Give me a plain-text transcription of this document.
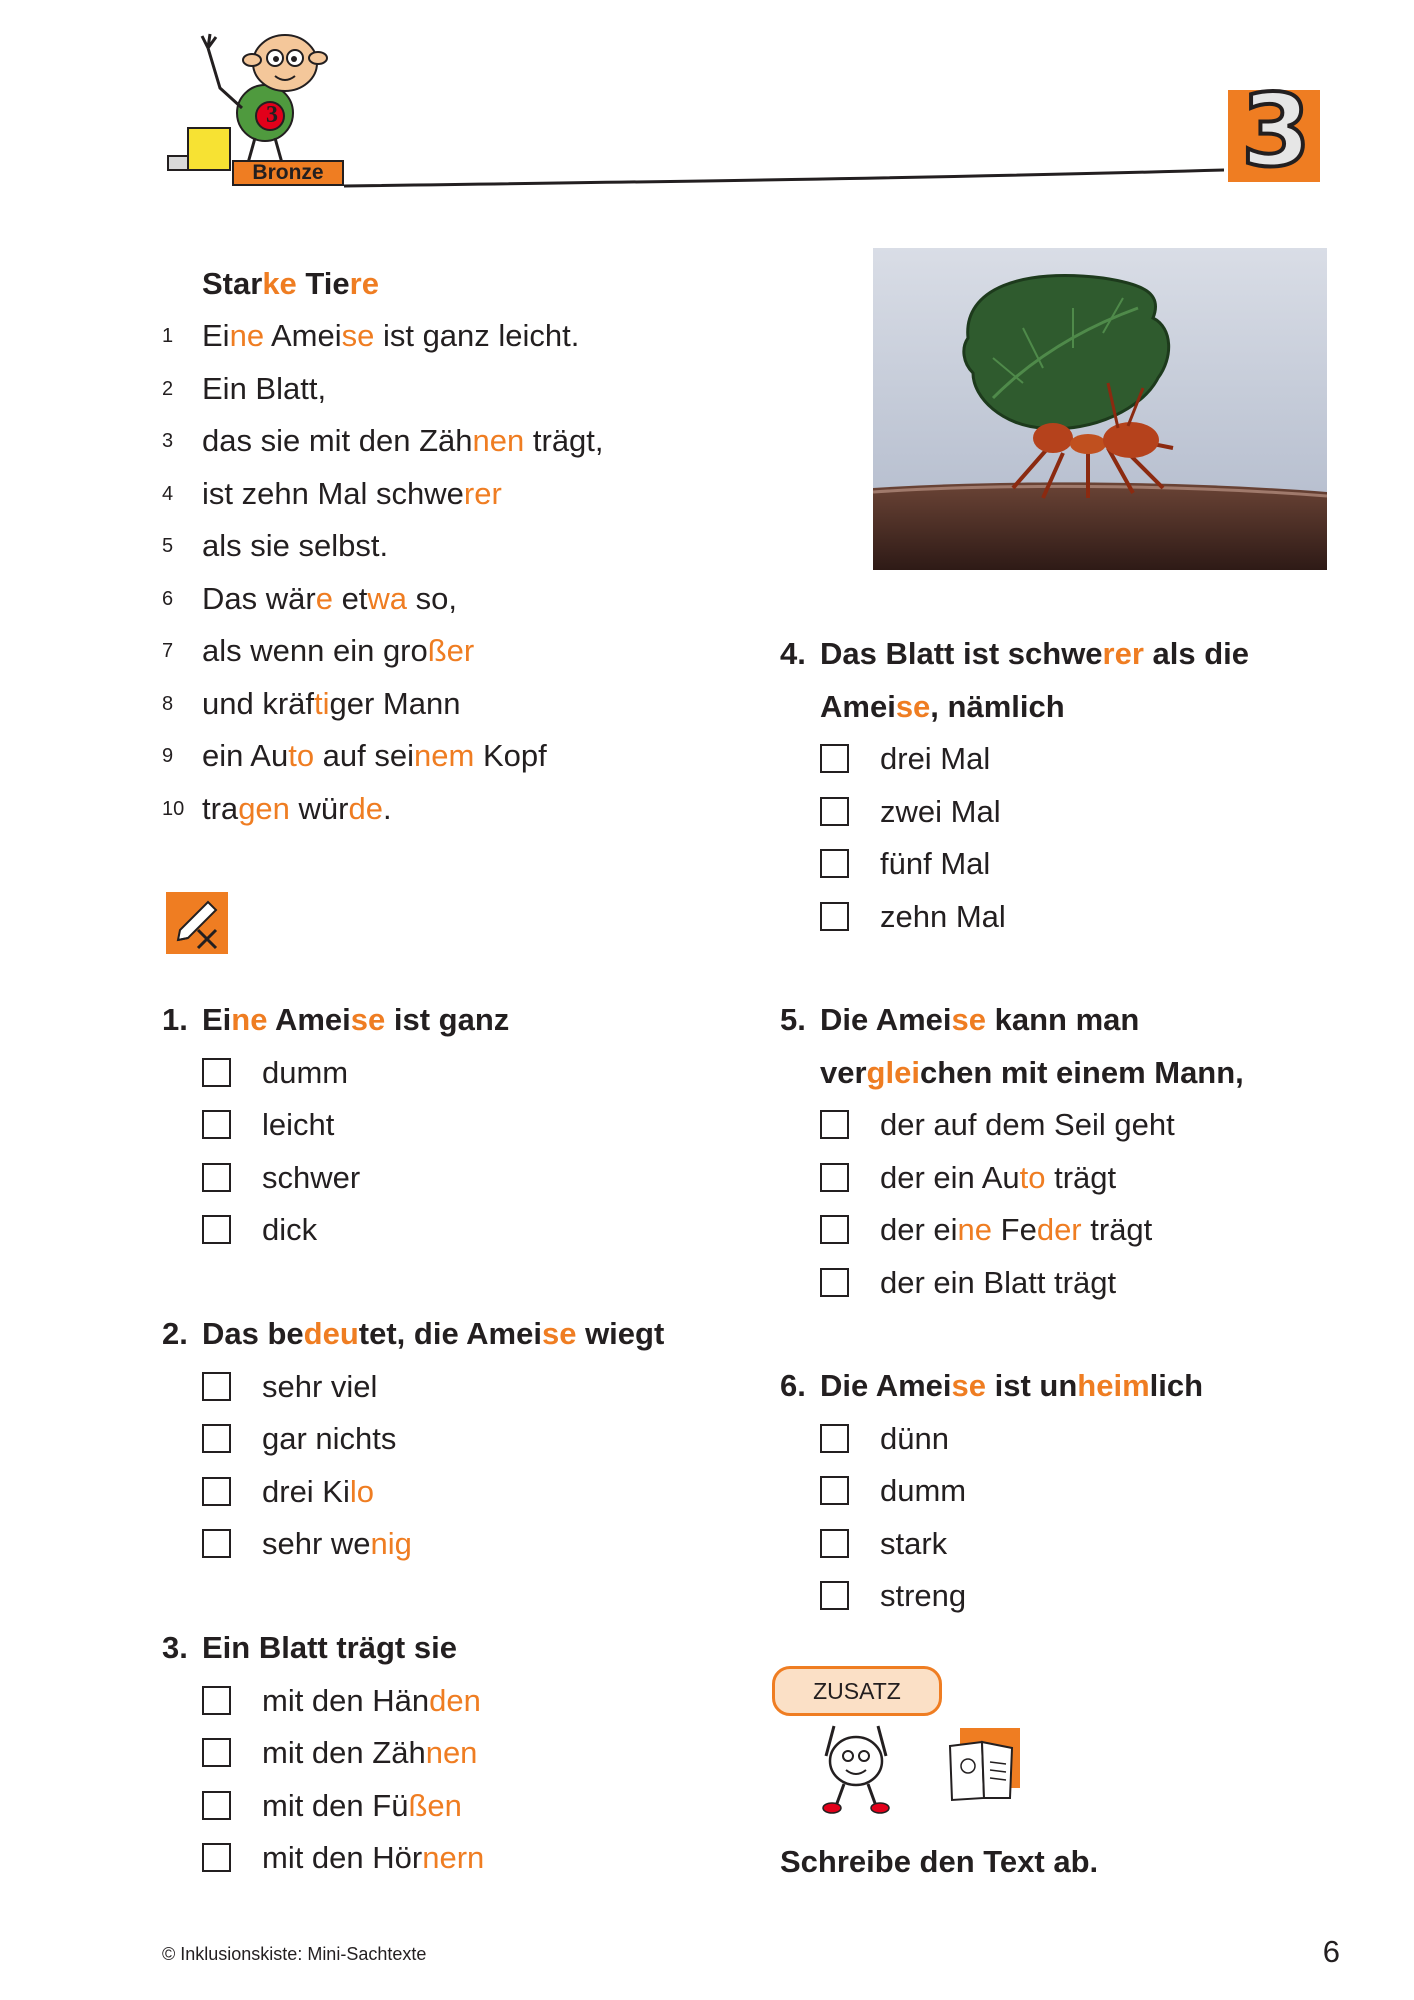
3
Bronze	3
Starke Tiere
1 Eine Ameise ist ganz leicht.
2 Ein Blatt,
3 das sie mit den Zähnen trägt,
4 ist zehn Mal schwerer
5 als sie selbst.
6 Das wäre etwa so,
7 als wenn ein großer
8 und kräftiger Mann
9 ein Auto auf seinem Kopf
10 tragen würde.
1. Eine Ameise ist ganz
dumm
leicht
schwer
dick
2. Das bedeutet, die Ameise wiegt
sehr viel
gar nichts
drei Kilo
sehr wenig
3. Ein Blatt trägt sie
mit den Händen
mit den Zähnen
mit den Füßen
mit den Hörnern
4. Das Blatt ist schwerer als die
Ameise, nämlich
drei Mal
zwei Mal
fünf Mal
zehn Mal
5. Die Ameise kann man
vergleichen mit einem Mann,
der auf dem Seil geht
der ein Auto trägt
der eine Feder trägt
der ein Blatt trägt
6. Die Ameise ist unheimlich
dünn
dumm
stark
streng
ZUSATZ
Schreibe den Text ab.
© Inklusionskiste: Mini-Sachtexte	6
